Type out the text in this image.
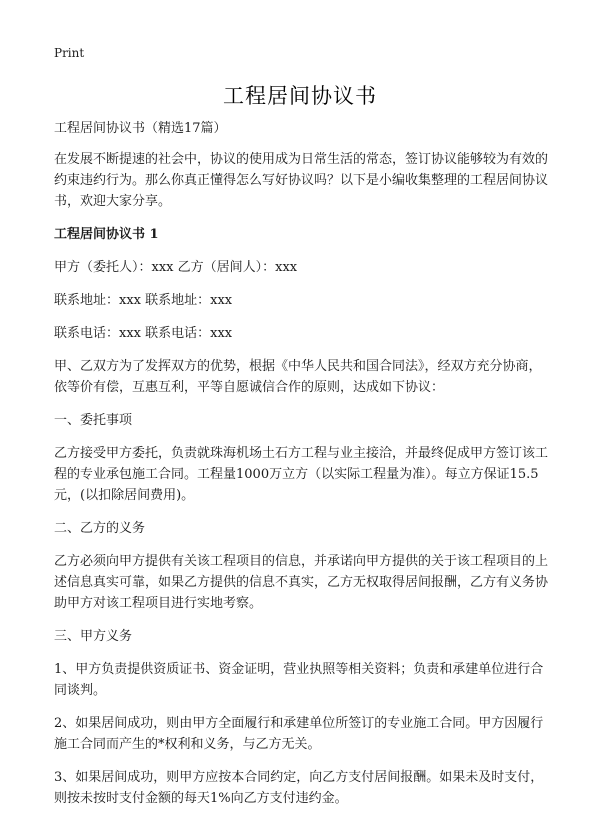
Print
工程居间协议书

工程居间协议书（精选17篇）

在发展不断提速的社会中，协议的使用成为日常生活的常态，签订协议能够较为有效的约束违约行为。那么你真正懂得怎么写好协议吗？以下是小编收集整理的工程居间协议书，欢迎大家分享。

工程居间协议书 1

甲方（委托人）：xxx 乙方（居间人）：xxx

联系地址：xxx 联系地址：xxx

联系电话：xxx 联系电话：xxx

甲、乙双方为了发挥双方的优势，根据《中华人民共和国合同法》，经双方充分协商，依等价有偿，互惠互利，平等自愿诚信合作的原则，达成如下协议：

一、委托事项

乙方接受甲方委托，负责就珠海机场土石方工程与业主接洽，并最终促成甲方签订该工程的专业承包施工合同。工程量1000万立方（以实际工程量为准）。每立方保证15.5元，(以扣除居间费用)。

二、乙方的义务

乙方必须向甲方提供有关该工程项目的信息，并承诺向甲方提供的关于该工程项目的上述信息真实可靠，如果乙方提供的信息不真实，乙方无权取得居间报酬，乙方有义务协助甲方对该工程项目进行实地考察。

三、甲方义务

1、甲方负责提供资质证书、资金证明，营业执照等相关资料；负责和承建单位进行合同谈判。

2、如果居间成功，则由甲方全面履行和承建单位所签订的专业施工合同。甲方因履行施工合同而产生的*权利和义务，与乙方无关。

3、如果居间成功，则甲方应按本合同约定，向乙方支付居间报酬。如果未及时支付，则按未按时支付金额的每天1%向乙方支付违约金。
